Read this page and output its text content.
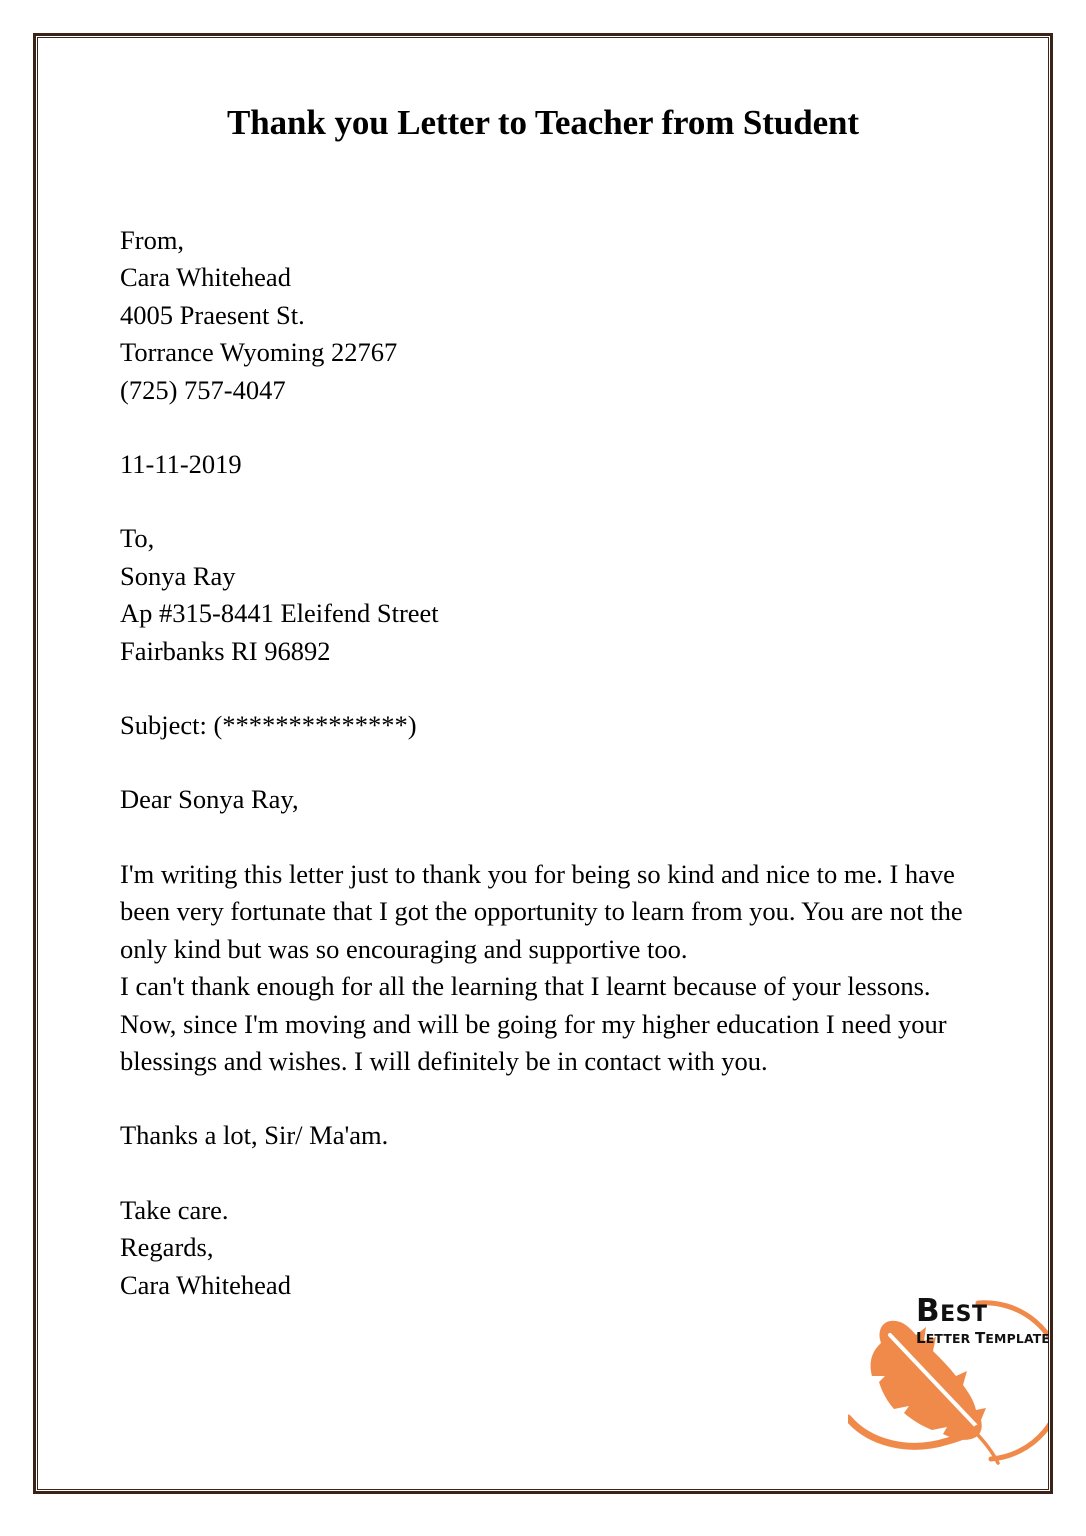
Thank you Letter to Teacher from Student
From,
Cara Whitehead
4005 Praesent St.
Torrance Wyoming 22767
(725) 757-4047
11-11-2019
To,
Sonya Ray
Ap #315-8441 Eleifend Street
Fairbanks RI 96892
Subject: (**************)
Dear Sonya Ray,
I'm writing this letter just to thank you for being so kind and nice to me. I have been very fortunate that I got the opportunity to learn from you. You are not the only kind but was so encouraging and supportive too.
I can't thank enough for all the learning that I learnt because of your lessons.
Now, since I'm moving and will be going for my higher education I need your blessings and wishes. I will definitely be in contact with you.
Thanks a lot, Sir/ Ma'am.
Take care.
Regards,
Cara Whitehead
BEST
LETTER TEMPLATE
